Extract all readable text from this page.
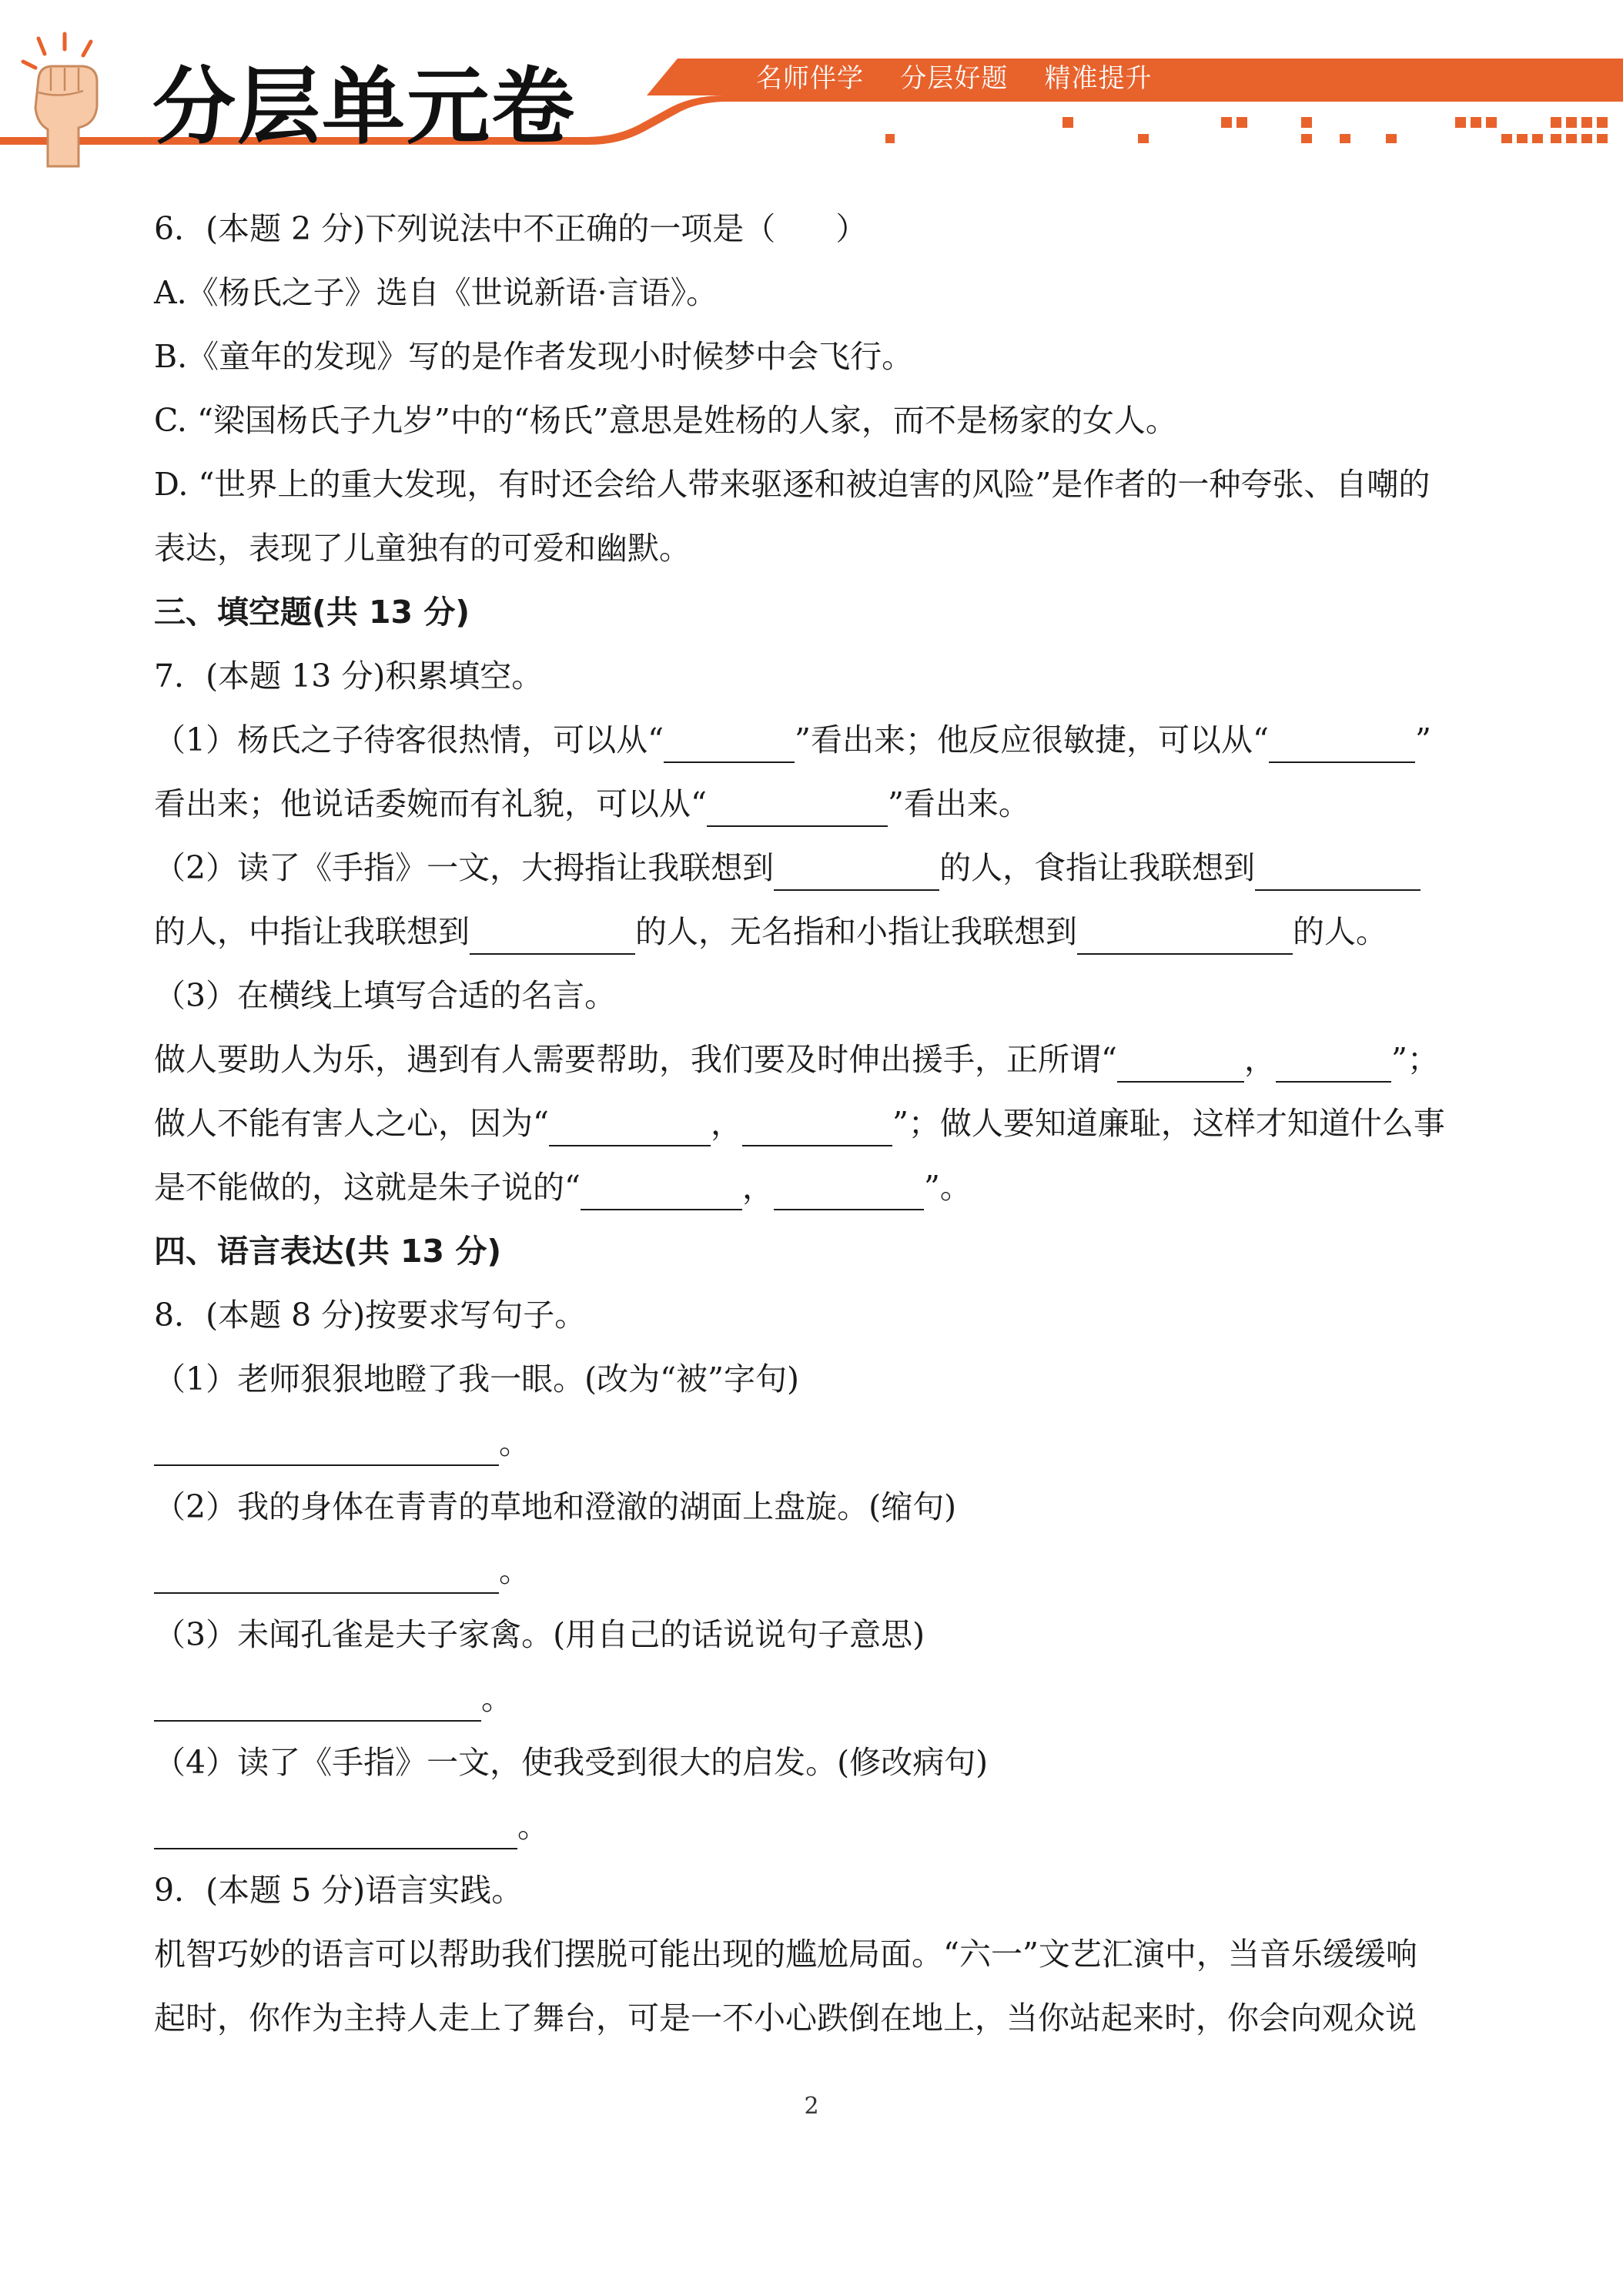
分层单元卷	名师伴学    分层好题    精准提升
6．(本题 2 分)下列说法中不正确的一项是（      ）
A.《杨氏之子》选自《世说新语·言语》。
B.《童年的发现》写的是作者发现小时候梦中会飞行。
C. “梁国杨氏子九岁”中的“杨氏”意思是姓杨的人家，而不是杨家的女人。
D. “世界上的重大发现，有时还会给人带来驱逐和被迫害的风险”是作者的一种夸张、自嘲的
表达，表现了儿童独有的可爱和幽默。
三、填空题(共 13 分)
7．(本题 13 分)积累填空。
（1）杨氏之子待客很热情，可以从“	”看出来；他反应很敏捷，可以从“	”
看出来；他说话委婉而有礼貌，可以从“	”看出来。
（2）读了《手指》一文，大拇指让我联想到	的人，食指让我联想到
的人，中指让我联想到	的人，无名指和小指让我联想到	的人。
（3）在横线上填写合适的名言。
做人要助人为乐，遇到有人需要帮助，我们要及时伸出援手，正所谓“	，	”；
做人不能有害人之心，因为“	，	”；做人要知道廉耻，这样才知道什么事
是不能做的，这就是朱子说的“	，	”。
四、语言表达(共 13 分)
8．(本题 8 分)按要求写句子。
（1）老师狠狠地瞪了我一眼。(改为“被”字句)
。
（2）我的身体在青青的草地和澄澈的湖面上盘旋。(缩句)
。
（3）未闻孔雀是夫子家禽。(用自己的话说说句子意思)
。
（4）读了《手指》一文，使我受到很大的启发。(修改病句)
。
9．(本题 5 分)语言实践。
机智巧妙的语言可以帮助我们摆脱可能出现的尴尬局面。“六一”文艺汇演中，当音乐缓缓响
起时，你作为主持人走上了舞台，可是一不小心跌倒在地上，当你站起来时，你会向观众说
2
